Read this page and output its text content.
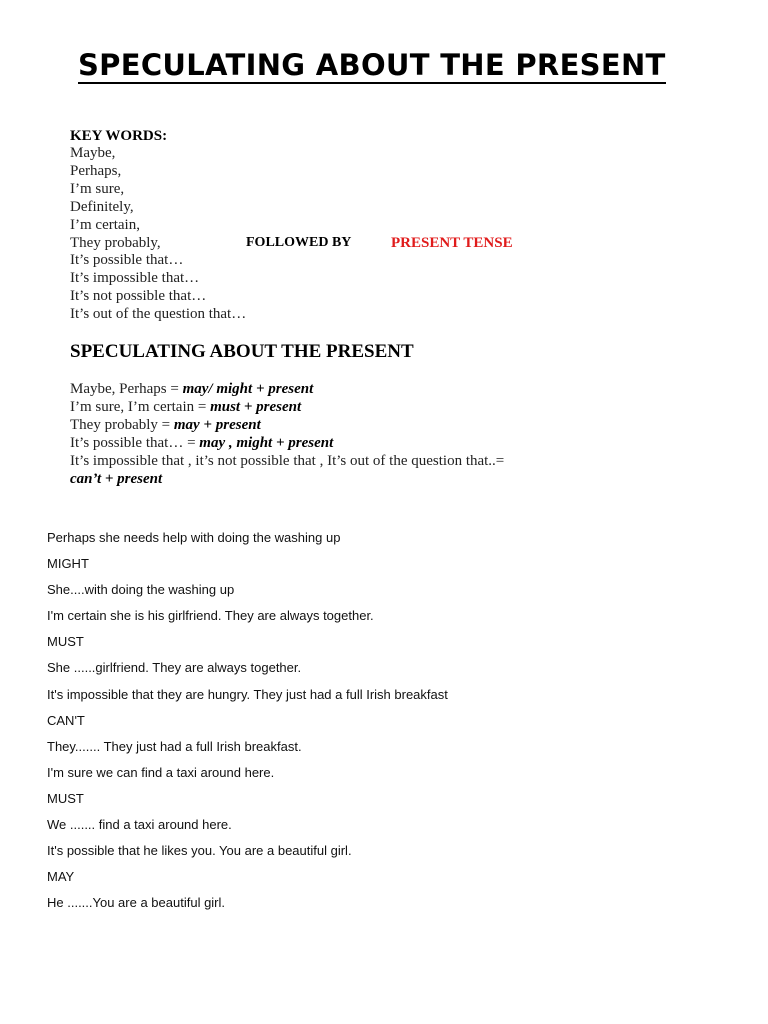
SPECULATING ABOUT THE PRESENT
KEY WORDS:
Maybe,
Perhaps,
I’m sure,
Definitely,
I’m certain,
They probably,
It’s possible that…
It’s impossible that…
It’s not possible that…
It’s out of the question that…
FOLLOWED BY	PRESENT TENSE
SPECULATING ABOUT THE PRESENT
Maybe, Perhaps = may/ might + present
I’m sure, I’m certain = must + present
They probably = may + present
It’s possible that… = may , might + present
It’s impossible that , it’s not possible that , It’s out of the question that..=
can’t + present
Perhaps she needs help with doing the washing up
MIGHT
She....with doing the washing up
I'm certain she is his girlfriend. They are always together.
MUST
She ......girlfriend. They are always together.
It's impossible that they are hungry. They just had a full Irish breakfast
CAN'T
They....... They just had a full Irish breakfast.
I'm sure we can find a taxi around here.
MUST
We ....... find a taxi around here.
It's possible that he likes you. You are a beautiful girl.
MAY
He .......You are a beautiful girl.
